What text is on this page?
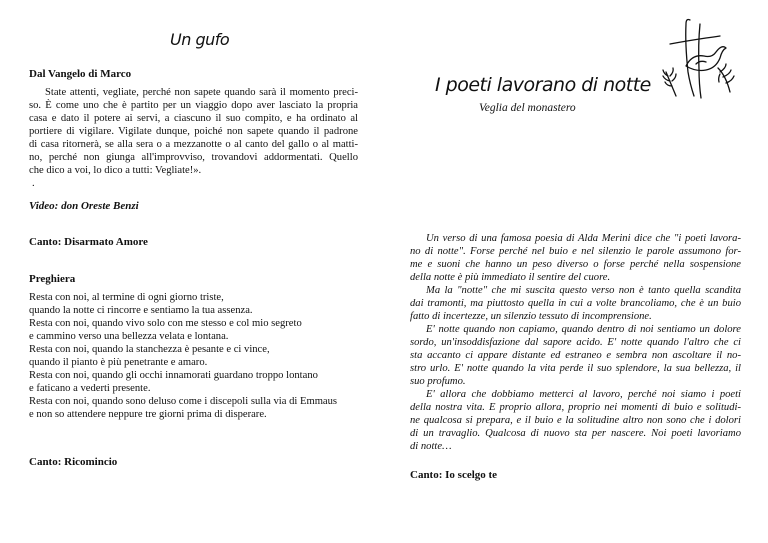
Un gufo
Dal Vangelo di Marco
State attenti, vegliate, perché non sapete quando sarà il momento preci-
so. È come uno che è partito per un viaggio dopo aver lasciato la propria
casa e dato il potere ai servi, a ciascuno il suo compito, e ha ordinato al
portiere di vigilare. Vigilate dunque, poiché non sapete quando il padrone
di casa ritornerà, se alla sera o a mezzanotte o al canto del gallo o al matti-
no, perché non giunga all'improvviso, trovandovi addormentati. Quello
che dico a voi, lo dico a tutti: Vegliate!».
.
Video: don Oreste Benzi
Canto: Disarmato Amore
Preghiera
Resta con noi, al termine di ogni giorno triste,
quando la notte ci rincorre e sentiamo la tua assenza.
Resta con noi, quando vivo solo con me stesso e col mio segreto
e cammino verso una bellezza velata e lontana.
Resta con noi, quando la stanchezza è pesante e ci vince,
quando il pianto è più penetrante e amaro.
Resta con noi, quando gli occhi innamorati guardano troppo lontano
e faticano a vederti presente.
Resta con noi, quando sono deluso come i discepoli sulla via di Emmaus
e non so attendere neppure tre giorni prima di disperare.
Canto: Ricomincio
I poeti lavorano di notte
Veglia del monastero
Un verso di una famosa poesia di Alda Merini dice che "i poeti lavora-
no di notte". Forse perché nel buio e nel silenzio le parole assumono for-
me e suoni che hanno un peso diverso o forse perché nella sospensione
della notte è più immediato il sentire del cuore.
Ma la "notte" che mi suscita questo verso non è tanto quella scandita
dai tramonti, ma piuttosto quella in cui a volte brancoliamo, che è un buio
fatto di incertezze, un silenzio tessuto di incomprensione.
E' notte quando non capiamo, quando dentro di noi sentiamo un dolore
sordo, un'insoddisfazione dal sapore acido. E' notte quando l'altro che ci
sta accanto ci appare distante ed estraneo e sembra non ascoltare il no-
stro urlo. E' notte quando la vita perde il suo splendore, la sua bellezza, il
suo profumo.
E' allora che dobbiamo metterci al lavoro, perché noi siamo i poeti
della nostra vita. E proprio allora, proprio nei momenti di buio e solitudi-
ne qualcosa si prepara, e il buio e la solitudine altro non sono che i dolori
di un travaglio. Qualcosa di nuovo sta per nascere. Noi poeti lavoriamo
di notte…
Canto: Io scelgo te
